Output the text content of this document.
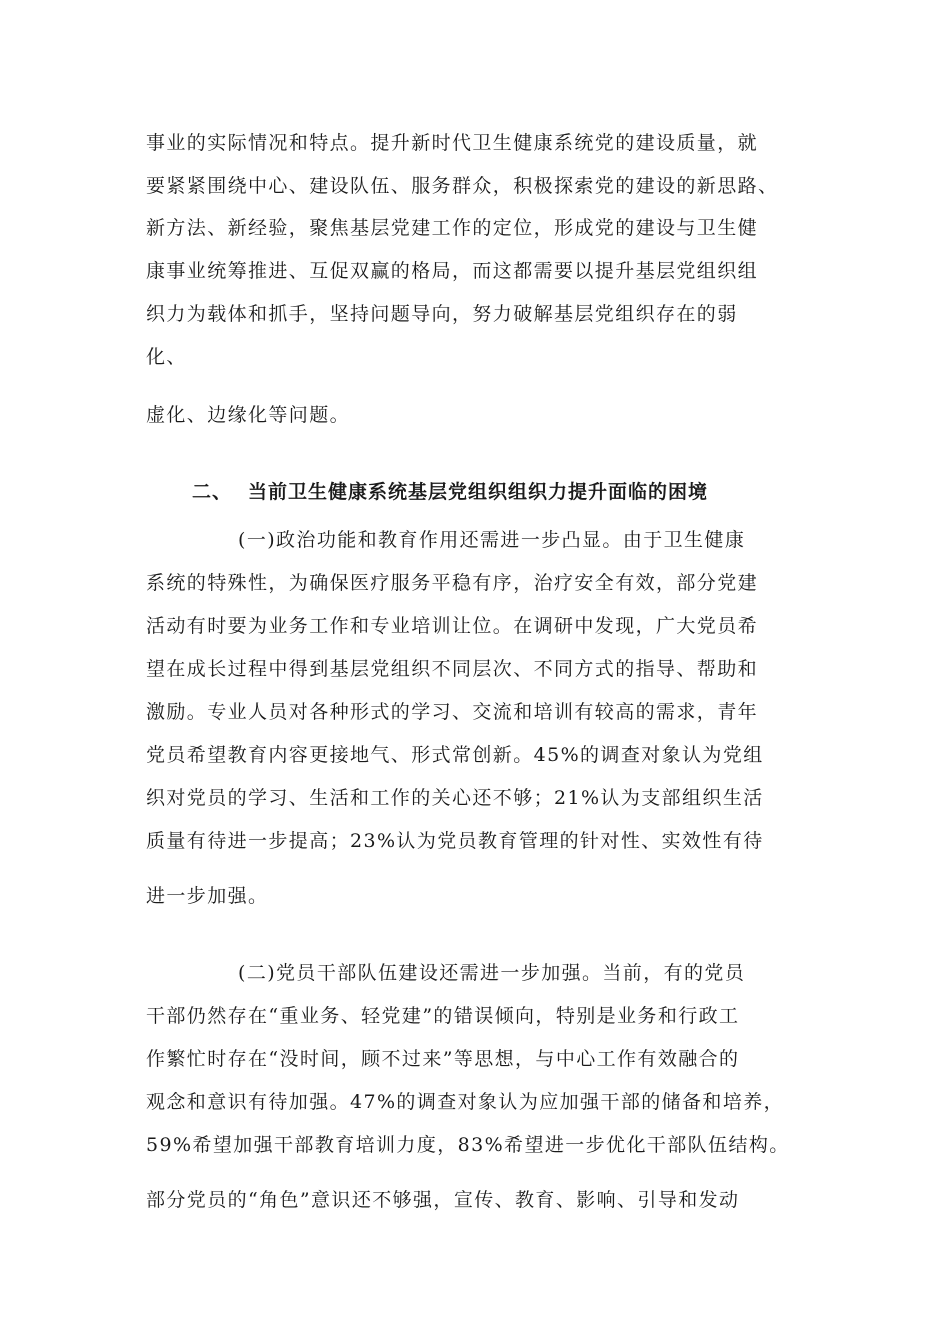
事业的实际情况和特点。提升新时代卫生健康系统党的建设质量，就
要紧紧围绕中心、建设队伍、服务群众，积极探索党的建设的新思路、
新方法、新经验，聚焦基层党建工作的定位，形成党的建设与卫生健
康事业统筹推进、互促双赢的格局，而这都需要以提升基层党组织组
织力为载体和抓手，坚持问题导向，努力破解基层党组织存在的弱
化、
虚化、边缘化等问题。
二、 当前卫生健康系统基层党组织组织力提升面临的困境
(一)政治功能和教育作用还需进一步凸显。由于卫生健康
系统的特殊性，为确保医疗服务平稳有序，治疗安全有效，部分党建
活动有时要为业务工作和专业培训让位。在调研中发现，广大党员希
望在成长过程中得到基层党组织不同层次、不同方式的指导、帮助和
激励。专业人员对各种形式的学习、交流和培训有较高的需求，青年
党员希望教育内容更接地气、形式常创新。45%的调查对象认为党组
织对党员的学习、生活和工作的关心还不够；21%认为支部组织生活
质量有待进一步提高；23%认为党员教育管理的针对性、实效性有待
进一步加强。
(二)党员干部队伍建设还需进一步加强。当前，有的党员
干部仍然存在“重业务、轻党建”的错误倾向，特别是业务和行政工
作繁忙时存在“没时间，顾不过来”等思想，与中心工作有效融合的
观念和意识有待加强。47%的调查对象认为应加强干部的储备和培养，
59%希望加强干部教育培训力度，83%希望进一步优化干部队伍结构。
部分党员的“角色”意识还不够强，宣传、教育、影响、引导和发动
